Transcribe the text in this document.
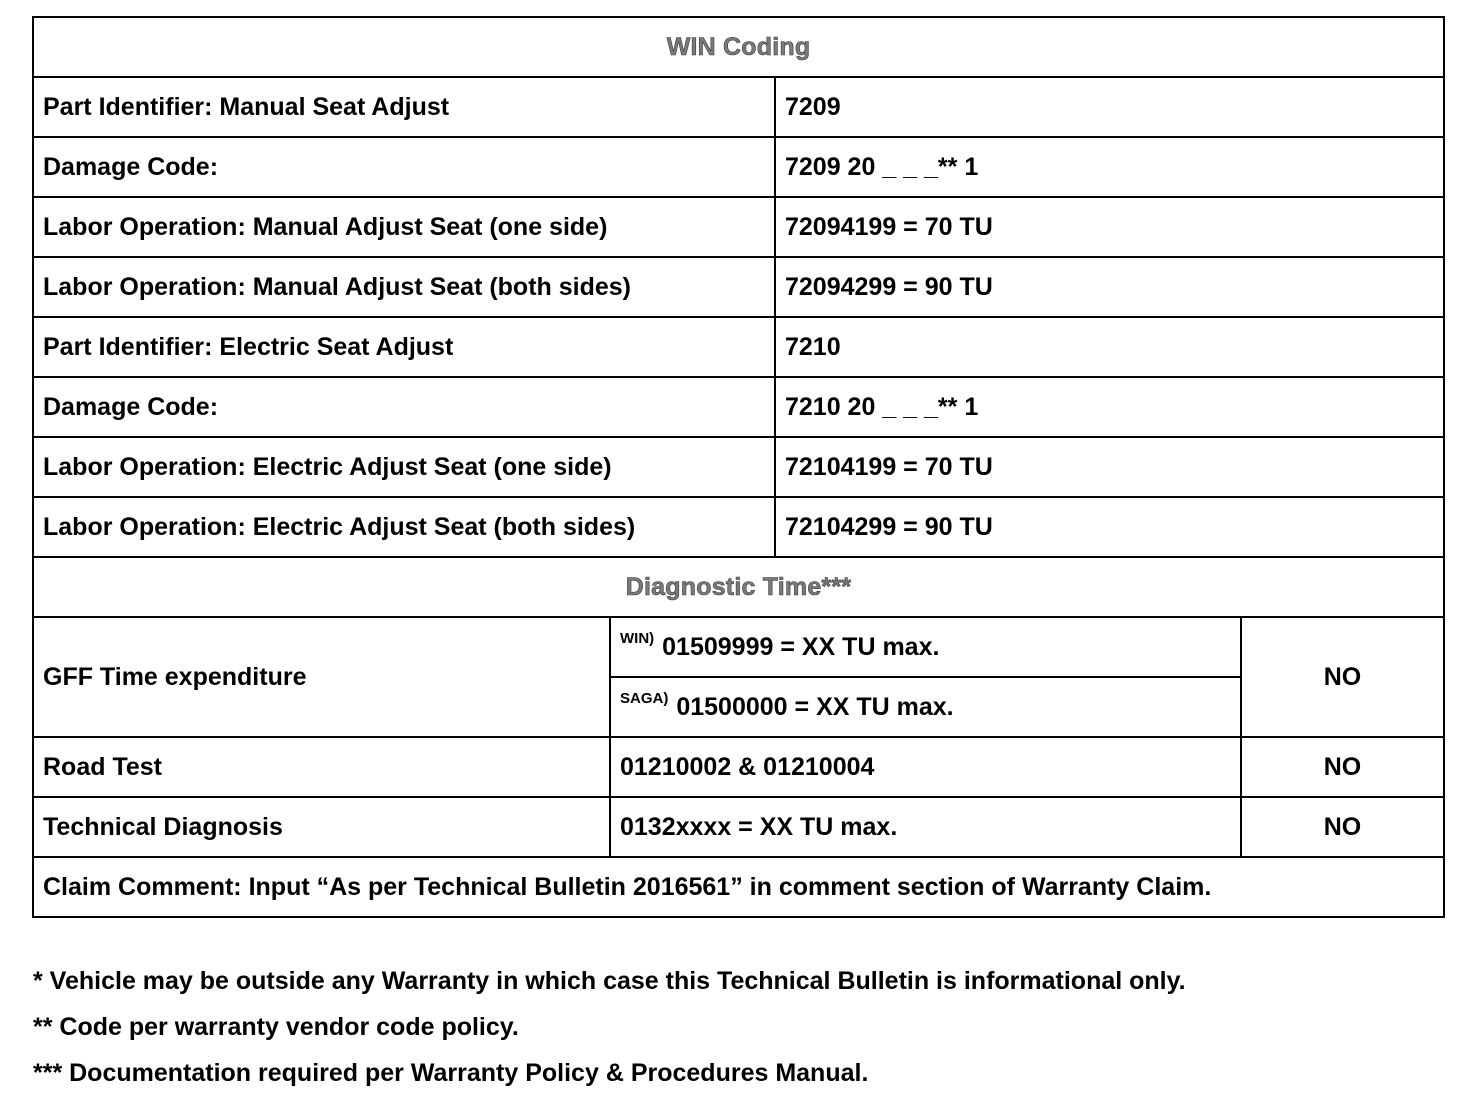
WIN Coding			
Part Identifier: Manual Seat Adjust		7209	
Damage Code:		7209 20 _ _ _** 1	
Labor Operation: Manual Adjust Seat (one side)		72094199 = 70 TU	
Labor Operation: Manual Adjust Seat (both sides)		72094299 = 90 TU	
Part Identifier: Electric Seat Adjust		7210	
Damage Code:		7210 20 _ _ _** 1	
Labor Operation: Electric Adjust Seat (one side)		72104199 = 70 TU	
Labor Operation: Electric Adjust Seat (both sides)		72104299 = 90 TU	
Diagnostic Time***			
GFF Time expenditure	$^{WIN)}$ 01509999 = XX TU max.		NO
	$^{SAGA)}$ 01500000 = XX TU max.		
Road Test	01210002 & 01210004		NO
Technical Diagnosis	0132xxxx = XX TU max.		NO
Claim Comment: Input “As per Technical Bulletin 2016561” in comment section of Warranty Claim.			
* Vehicle may be outside any Warranty in which case this Technical Bulletin is informational only.
** Code per warranty vendor code policy.
*** Documentation required per Warranty Policy & Procedures Manual.
